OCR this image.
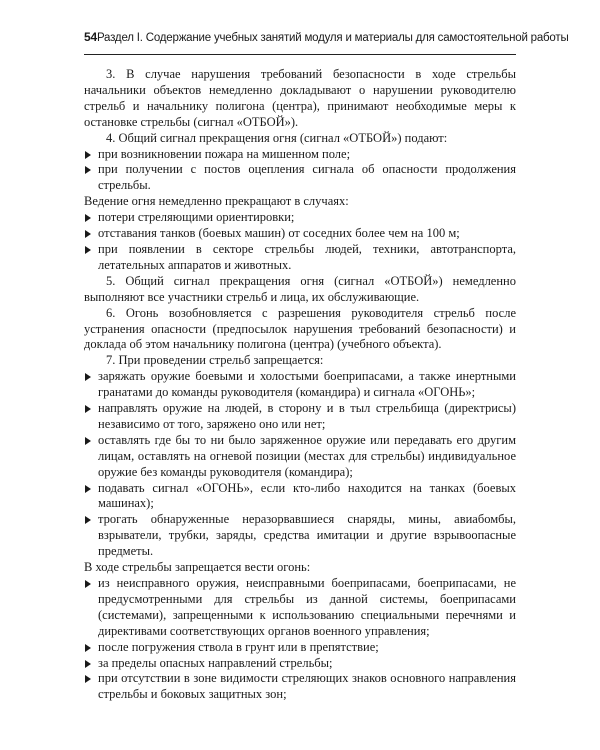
54 Раздел I. Содержание учебных занятий модуля и материалы для самостоятельной работы

3. В случае нарушения требований безопасности в ходе стрельбы начальники объектов немедленно докладывают о нарушении руководителю стрельб и начальнику полигона (центра), принимают необходимые меры к остановке стрельбы (сигнал «ОТБОЙ»).

4. Общий сигнал прекращения огня (сигнал «ОТБОЙ») подают:

при возникновении пожара на мишенном поле;
при получении с постов оцепления сигнала об опасности продолжения стрельбы.

Ведение огня немедленно прекращают в случаях:

потери стреляющими ориентировки;
отставания танков (боевых машин) от соседних более чем на 100 м;
при появлении в секторе стрельбы людей, техники, автотранспорта, летательных аппаратов и животных.

5. Общий сигнал прекращения огня (сигнал «ОТБОЙ») немедленно выполняют все участники стрельб и лица, их обслуживающие.

6. Огонь возобновляется с разрешения руководителя стрельб после устранения опасности (предпосылок нарушения требований безопасности) и доклада об этом начальнику полигона (центра) (учебного объекта).

7. При проведении стрельб запрещается:

заряжать оружие боевыми и холостыми боеприпасами, а также инертными гранатами до команды руководителя (командира) и сигнала «ОГОНЬ»;
направлять оружие на людей, в сторону и в тыл стрельбища (директрисы) независимо от того, заряжено оно или нет;
оставлять где бы то ни было заряженное оружие или передавать его другим лицам, оставлять на огневой позиции (местах для стрельбы) индивидуальное оружие без команды руководителя (командира);
подавать сигнал «ОГОНЬ», если кто-либо находится на танках (боевых машинах);
трогать обнаруженные неразорвавшиеся снаряды, мины, авиабомбы, взрыватели, трубки, заряды, средства имитации и другие взрывоопасные предметы.

В ходе стрельбы запрещается вести огонь:

из неисправного оружия, неисправными боеприпасами, боеприпасами, не предусмотренными для стрельбы из данной системы, боеприпасами (системами), запрещенными к использованию специальными перечнями и директивами соответствующих органов военного управления;
после погружения ствола в грунт или в препятствие;
за пределы опасных направлений стрельбы;
при отсутствии в зоне видимости стреляющих знаков основного направления стрельбы и боковых защитных зон;
